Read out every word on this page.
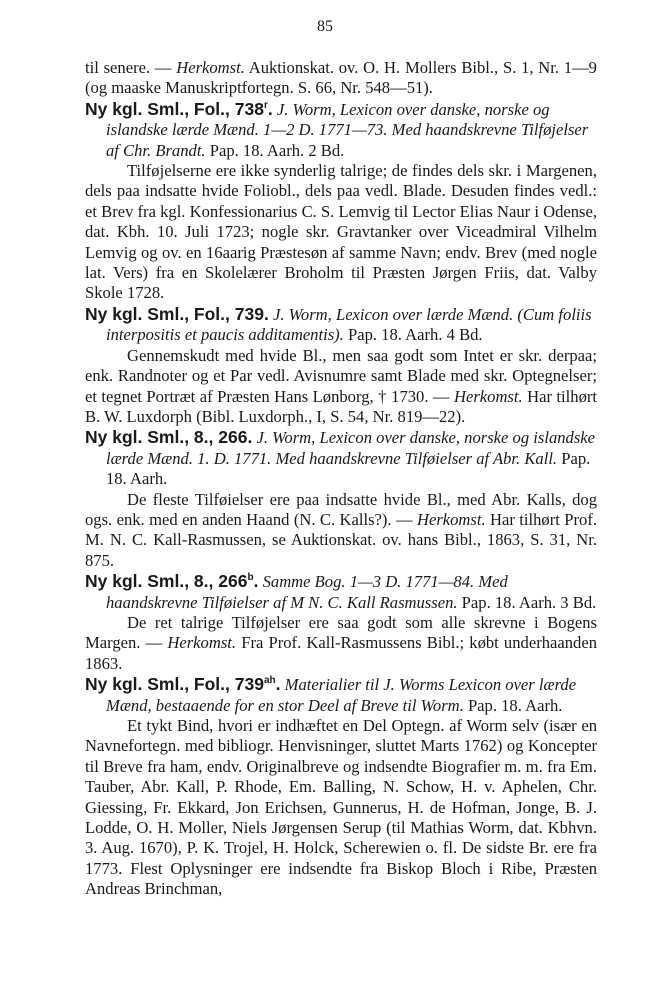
85

til senere. — Herkomst. Auktionskat. ov. O. H. Mollers Bibl., S. 1, Nr. 1—9 (og maaske Manuskriptfortegn. S. 66, Nr. 548—51).

Ny kgl. Sml., Fol., 738$^r$. J. Worm, Lexicon over danske, norske og islandske lærde Mænd. 1—2 D. 1771—73. Med haandskrevne Tilføjelser af Chr. Brandt. Pap. 18. Aarh. 2 Bd.

Tilføjelserne ere ikke synderlig talrige; de findes dels skr. i Margenen, dels paa indsatte hvide Foliobl., dels paa vedl. Blade. Desuden findes vedl.: et Brev fra kgl. Konfessionarius C. S. Lemvig til Lector Elias Naur i Odense, dat. Kbh. 10. Juli 1723; nogle skr. Gravtanker over Viceadmiral Vilhelm Lemvig og ov. en 16aarig Præstesøn af samme Navn; endv. Brev (med nogle lat. Vers) fra en Skolelærer Broholm til Præsten Jørgen Friis, dat. Valby Skole 1728.

Ny kgl. Sml., Fol., 739. J. Worm, Lexicon over lærde Mænd. (Cum foliis interpositis et paucis additamentis). Pap. 18. Aarh. 4 Bd.

Gennemskudt med hvide Bl., men saa godt som Intet er skr. derpaa; enk. Randnoter og et Par vedl. Avisnumre samt Blade med skr. Optegnelser; et tegnet Portræt af Præsten Hans Lønborg, † 1730. — Herkomst. Har tilhørt B. W. Luxdorph (Bibl. Luxdorph., I, S. 54, Nr. 819—22).

Ny kgl. Sml., 8., 266. J. Worm, Lexicon over danske, norske og islandske lærde Mænd. 1. D. 1771. Med haandskrevne Tilføielser af Abr. Kall. Pap. 18. Aarh.

De fleste Tilføielser ere paa indsatte hvide Bl., med Abr. Kalls, dog ogs. enk. med en anden Haand (N. C. Kalls?). — Herkomst. Har tilhørt Prof. M. N. C. Kall-Rasmussen, se Auktionskat. ov. hans Bibl., 1863, S. 31, Nr. 875.

Ny kgl. Sml., 8., 266$^b$. Samme Bog. 1—3 D. 1771—84. Med haandskrevne Tilføielser af M N. C. Kall Rasmussen. Pap. 18. Aarh. 3 Bd.

De ret talrige Tilføjelser ere saa godt som alle skrevne i Bogens Margen. — Herkomst. Fra Prof. Kall-Rasmussens Bibl.; købt underhaanden 1863.

Ny kgl. Sml., Fol., $739^{ah}$. Materialier til J. Worms Lexicon over lærde Mænd, bestaaende for en stor Deel af Breve til Worm. Pap. 18. Aarh.

Et tykt Bind, hvori er indhæftet en Del Optegn. af Worm selv (især en Navnefortegn. med bibliogr. Henvisninger, sluttet Marts 1762) og Koncepter til Breve fra ham, endv. Originalbreve og indsendte Biografier m. m. fra Em. Tauber, Abr. Kall, P. Rhode, Em. Balling, N. Schow, H. v. Aphelen, Chr. Giessing, Fr. Ekkard, Jon Erichsen, Gunnerus, H. de Hofman, Jonge, B. J. Lodde, O. H. Moller, Niels Jørgensen Serup (til Mathias Worm, dat. Kbhvn. 3. Aug. 1670), P. K. Trojel, H. Holck, Scherewien o. fl. De sidste Br. ere fra 1773. Flest Oplysninger ere indsendte fra Biskop Bloch i Ribe, Præsten Andreas Brinchman,
